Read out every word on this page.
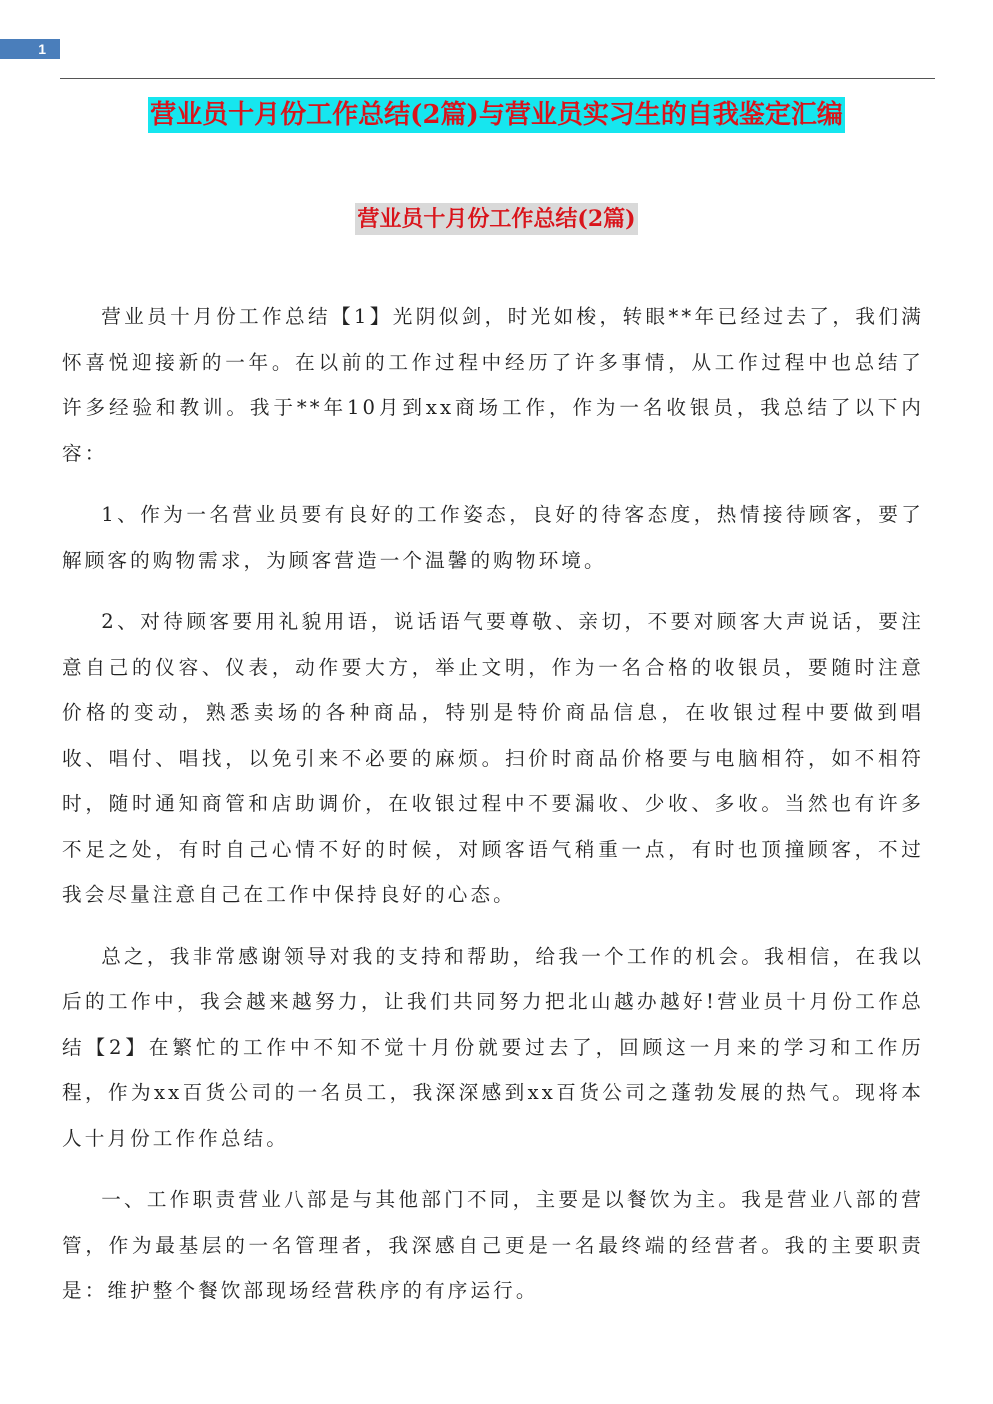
1
营业员十月份工作总结(2篇)与营业员实习生的自我鉴定汇编
营业员十月份工作总结(2篇)

营业员十月份工作总结【1】光阴似剑，时光如梭，转眼**年已经过去了，我们满怀喜悦迎接新的一年。在以前的工作过程中经历了许多事情，从工作过程中也总结了许多经验和教训。我于**年10月到xx商场工作，作为一名收银员，我总结了以下内容：

1、作为一名营业员要有良好的工作姿态，良好的待客态度，热情接待顾客，要了解顾客的购物需求，为顾客营造一个温馨的购物环境。

2、对待顾客要用礼貌用语，说话语气要尊敬、亲切，不要对顾客大声说话，要注意自己的仪容、仪表，动作要大方，举止文明，作为一名合格的收银员，要随时注意价格的变动，熟悉卖场的各种商品，特别是特价商品信息，在收银过程中要做到唱收、唱付、唱找，以免引来不必要的麻烦。扫价时商品价格要与电脑相符，如不相符时，随时通知商管和店助调价，在收银过程中不要漏收、少收、多收。当然也有许多不足之处，有时自己心情不好的时候，对顾客语气稍重一点，有时也顶撞顾客，不过我会尽量注意自己在工作中保持良好的心态。

总之，我非常感谢领导对我的支持和帮助，给我一个工作的机会。我相信，在我以后的工作中，我会越来越努力，让我们共同努力把北山越办越好!营业员十月份工作总结【2】在繁忙的工作中不知不觉十月份就要过去了，回顾这一月来的学习和工作历程，作为xx百货公司的一名员工，我深深感到xx百货公司之蓬勃发展的热气。现将本人十月份工作作总结。

一、工作职责营业八部是与其他部门不同，主要是以餐饮为主。我是营业八部的营管，作为最基层的一名管理者，我深感自己更是一名最终端的经营者。我的主要职责是：维护整个餐饮部现场经营秩序的有序运行。
